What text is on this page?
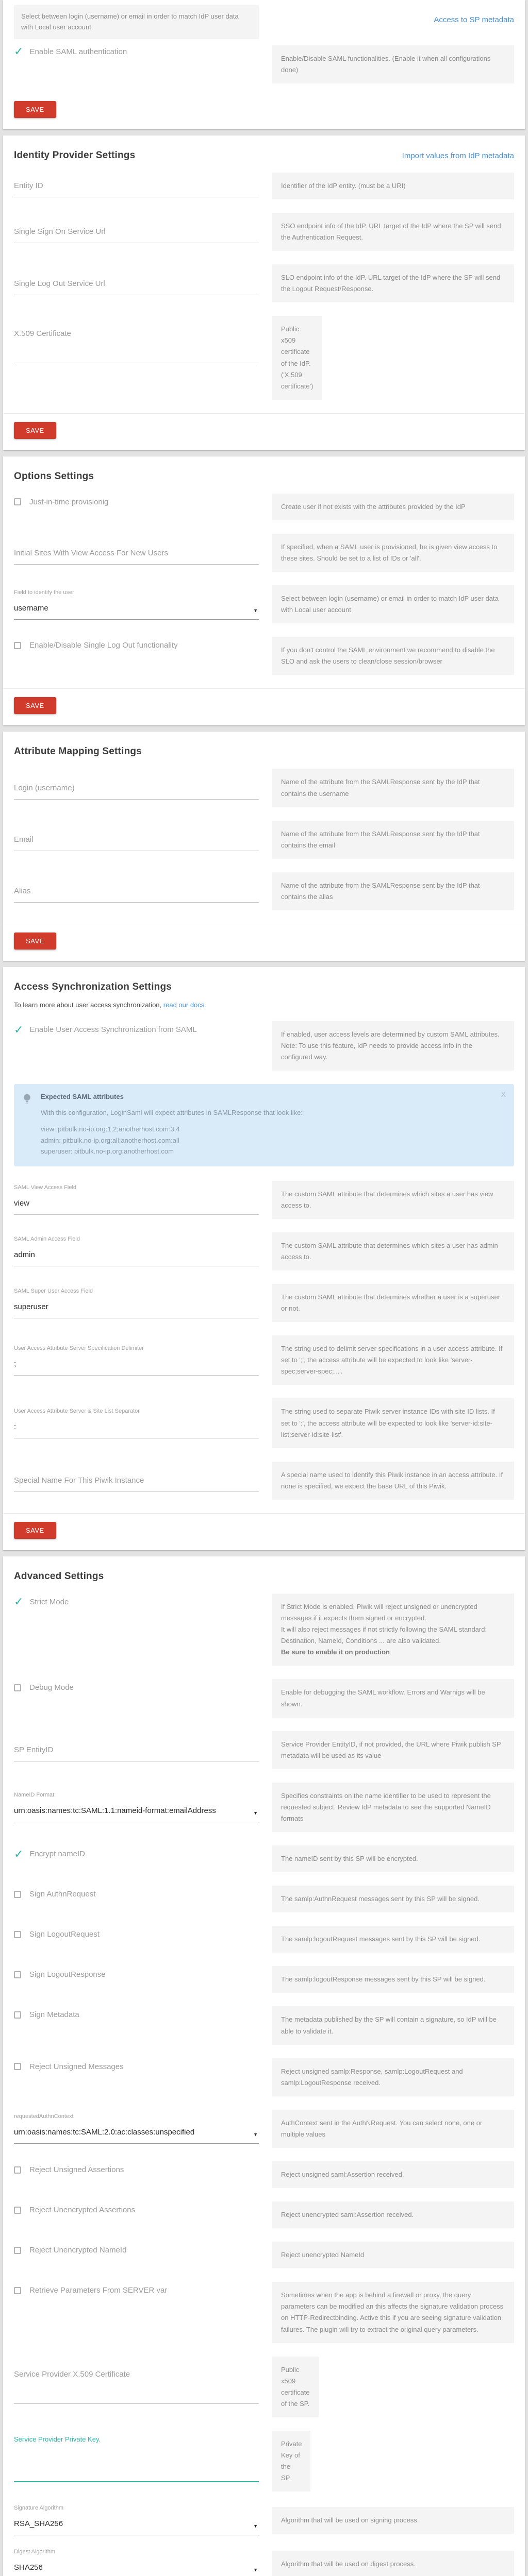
Select between login (username) or email in order to match IdP user data with Local user account
Access to SP metadata
✓ Enable SAML authentication
Enable/Disable SAML functionalities. (Enable it when all configurations done)
SAVE
Identity Provider Settings	Import values from IdP metadata
Entity ID	Identifier of the IdP entity. (must be a URI)
Single Sign On Service Url
SSO endpoint info of the IdP. URL target of the IdP where the SP will send the Authentication Request.
Single Log Out Service Url
SLO endpoint info of the IdP. URL target of the IdP where the SP will send the Logout Request/Response.
X.509 Certificate
Public x509 certificate of the IdP. ('X.509 certificate')
SAVE
Options Settings
Just-in-time provisionig
Create user if not exists with the attributes provided by the IdP
Initial Sites With View Access For New Users
If specified, when a SAML user is provisioned, he is given view access to these sites. Should be set to a list of IDs or 'all'.
Field to identify the user
username	▼
Select between login (username) or email in order to match IdP user data with Local user account
Enable/Disable Single Log Out functionality
If you don't control the SAML environment we recommend to disable the SLO and ask the users to clean/close session/browser
SAVE
Attribute Mapping Settings
Login (username)
Name of the attribute from the SAMLResponse sent by the IdP that contains the username
Email
Name of the attribute from the SAMLResponse sent by the IdP that contains the email
Alias
Name of the attribute from the SAMLResponse sent by the IdP that contains the alias
SAVE
Access Synchronization Settings
To learn more about user access synchronization, read our docs.
✓ Enable User Access Synchronization from SAML
If enabled, user access levels are determined by custom SAML attributes. Note: To use this feature, IdP needs to provide access info in the configured way.
Expected SAML attributes
With this configuration, LoginSaml will expect attributes in SAMLResponse that look like:
view: pitbulk.no-ip.org:1,2;anotherhost.com:3,4
admin: pitbulk.no-ip.org:all;anotherhost.com:all
superuser: pitbulk.no-ip.org;anotherhost.com
X
SAML View Access Field
view
The custom SAML attribute that determines which sites a user has view access to.
SAML Admin Access Field
admin
The custom SAML attribute that determines which sites a user has admin access to.
SAML Super User Access Field
superuser
The custom SAML attribute that determines whether a user is a superuser or not.
User Access Attribute Server Specification Delimiter
;
The string used to delimit server specifications in a user access attribute. If set to ';', the access attribute will be expected to look like 'server-spec;server-spec;...'.
User Access Attribute Server & Site List Separator
:
The string used to separate Piwik server instance IDs with site ID lists. If set to ':', the access attribute will be expected to look like 'server-id:site-list;server-id:site-list'.
Special Name For This Piwik Instance
A special name used to identify this Piwik instance in an access attribute. If none is specified, we expect the base URL of this Piwik.
SAVE
Advanced Settings
✓ Strict Mode
If Strict Mode is enabled, Piwik will reject unsigned or unencrypted messages if it expects them signed or encrypted.
It will also reject messages if not strictly following the SAML standard: Destination, NameId, Conditions ... are also validated.
Be sure to enable it on production
Debug Mode
Enable for debugging the SAML workflow. Errors and Warnigs will be shown.
SP EntityID
Service Provider EntityID, if not provided, the URL where Piwik publish SP metadata will be used as its value
NameID Format
urn:oasis:names:tc:SAML:1.1:nameid-format:emailAddress	▼
Specifies constraints on the name identifier to be used to represent the requested subject. Review IdP metadata to see the supported NameID formats
✓ Encrypt nameID
The nameID sent by this SP will be encrypted.
Sign AuthnRequest
The samlp:AuthnRequest messages sent by this SP will be signed.
Sign LogoutRequest
The samlp:logoutRequest messages sent by this SP will be signed.
Sign LogoutResponse
The samlp:logoutResponse messages sent by this SP will be signed.
Sign Metadata
The metadata published by the SP will contain a signature, so IdP will be able to validate it.
Reject Unsigned Messages
Reject unsigned samlp:Response, samlp:LogoutRequest and samlp:LogoutResponse received.
requestedAuthnContext
urn:oasis:names:tc:SAML:2.0:ac:classes:unspecified	▼
AuthContext sent in the AuthNRequest. You can select none, one or multiple values
Reject Unsigned Assertions
Reject unsigned saml:Assertion received.
Reject Unencrypted Assertions
Reject unencrypted saml:Assertion received.
Reject Unencrypted NameId
Reject unencrypted NameId
Retrieve Parameters From SERVER var
Sometimes when the app is behind a firewall or proxy, the query parameters can be modified an this affects the signature validation process on HTTP-Redirectbinding. Active this if you are seeing signature validation failures. The plugin will try to extract the original query parameters.
Service Provider X.509 Certificate
Public x509 certificate of the SP.
Service Provider Private Key.
Private Key of the SP.
Signature Algorithm
RSA_SHA256	▼
Algorithm that will be used on signing process.
Digest Algorithm
SHA256	▼
Algorithm that will be used on digest process.
